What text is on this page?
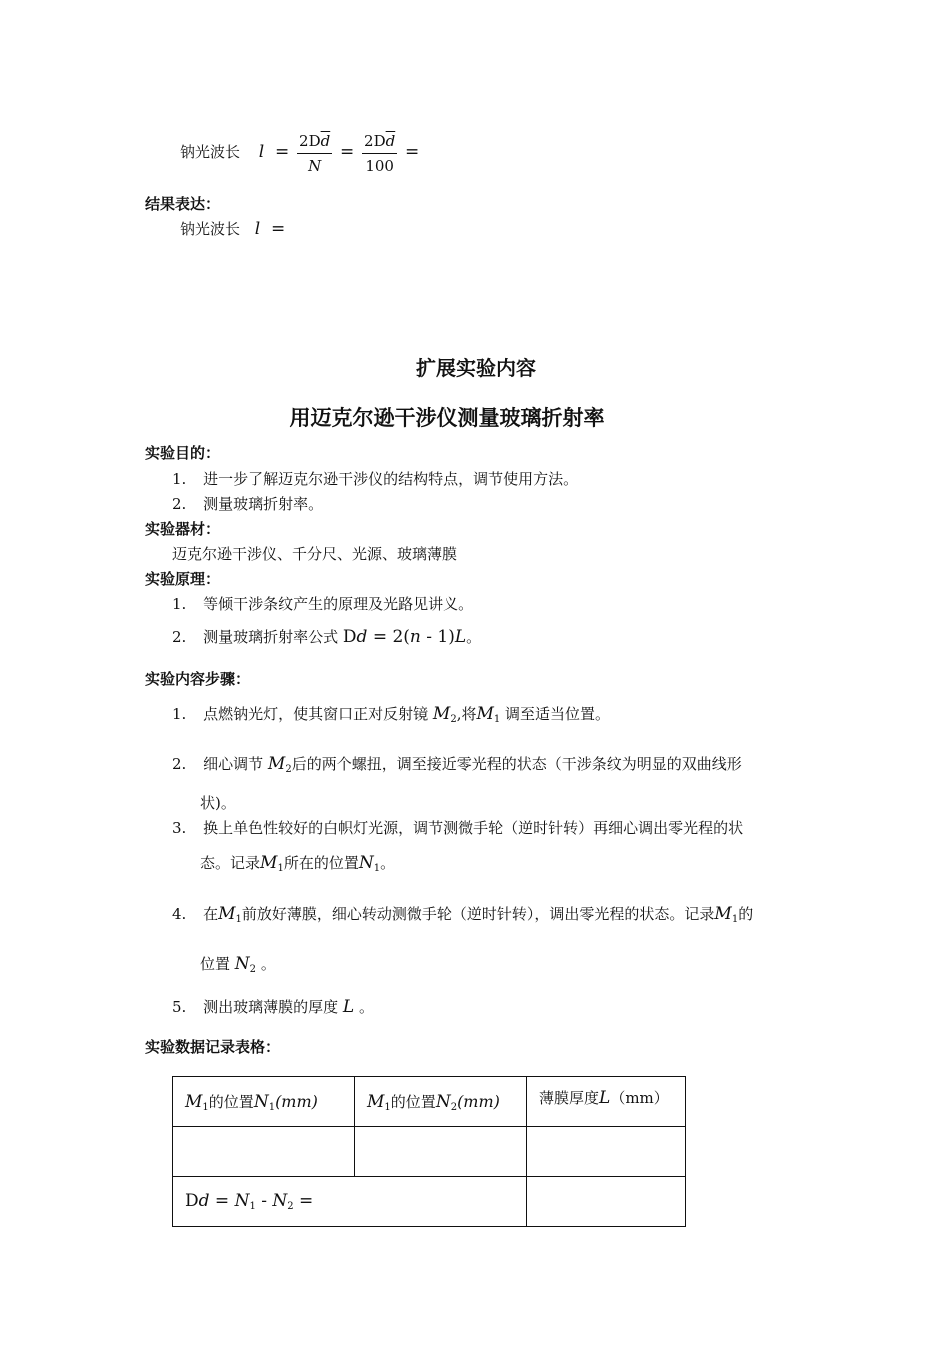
钠光波长 $l = \frac{2D\overline{d}}{N} = \frac{2D\overline{d}}{100}$ =
结果表达：
钠光波长 l =
扩展实验内容
用迈克尔逊干涉仪测量玻璃折射率
实验目的：
1. 进一步了解迈克尔逊干涉仪的结构特点，调节使用方法。
2. 测量玻璃折射率。
实验器材：
迈克尔逊干涉仪、千分尺、光源、玻璃薄膜
实验原理：
1. 等倾干涉条纹产生的原理及光路见讲义。
2. 测量玻璃折射率公式 Dd = 2(n - 1)L。
实验内容步骤：
1. 点燃钠光灯，使其窗口正对反射镜 $M_2$,将$M_1$ 调至适当位置。
2. 细心调节 $M_2$后的两个螺扭，调至接近零光程的状态（干涉条纹为明显的双曲线形
状)。
3. 换上单色性较好的白帜灯光源，调节测微手轮（逆时针转）再细心调出零光程的状
态。记录$M_1$所在的位置$N_1$。
4. 在$M_1$前放好薄膜，细心转动测微手轮（逆时针转），调出零光程的状态。记录$M_1$的
位置 $N_2$ 。
5. 测出玻璃薄膜的厚度 L 。
实验数据记录表格：
$M_1$的位置$N_1(mm)$	$M_1$的位置$N_2(mm)$	薄膜厚度L（mm）

$Dd = N_1 - N_2$ =		
